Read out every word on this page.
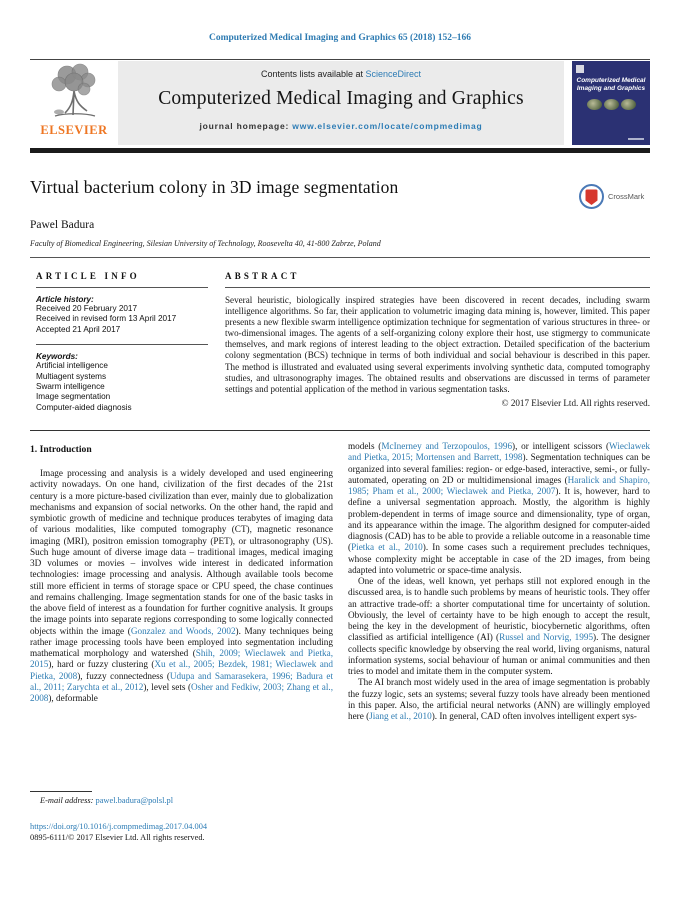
Computerized Medical Imaging and Graphics 65 (2018) 152–166
ELSEVIER
Contents lists available at ScienceDirect
Computerized Medical Imaging and Graphics
journal homepage: www.elsevier.com/locate/compmedimag
Computerized Medical Imaging and Graphics
Virtual bacterium colony in 3D image segmentation	CrossMark
Pawel Badura
Faculty of Biomedical Engineering, Silesian University of Technology, Roosevelta 40, 41-800 Zabrze, Poland
ARTICLE INFO
Article history:
Received 20 February 2017
Received in revised form 13 April 2017
Accepted 21 April 2017
Keywords:
Artificial intelligence
Multiagent systems
Swarm intelligence
Image segmentation
Computer-aided diagnosis
ABSTRACT
Several heuristic, biologically inspired strategies have been discovered in recent decades, including swarm intelligence algorithms. So far, their application to volumetric imaging data mining is, however, limited. This paper presents a new flexible swarm intelligence optimization technique for segmentation of various structures in three- or two-dimensional images. The agents of a self-organizing colony explore their host, use stigmergy to communicate themselves, and mark regions of interest leading to the object extraction. Detailed specification of the bacterium colony segmentation (BCS) technique in terms of both individual and social behaviour is described in this paper. The method is illustrated and evaluated using several experiments involving synthetic data, computed tomography studies, and ultrasonography images. The obtained results and observations are discussed in terms of parameter settings and potential application of the method in various segmentation tasks.
© 2017 Elsevier Ltd. All rights reserved.
1. Introduction

Image processing and analysis is a widely developed and used engineering activity nowadays. On one hand, civilization of the first decades of the 21st century is a more picture-based civilization than ever, mainly due to globalization mechanisms and expansion of social networks. On the other hand, the rapid and symbiotic growth of medicine and technique produces terabytes of imaging data of various modalities, like computed tomography (CT), magnetic resonance imaging (MRI), positron emission tomography (PET), or ultrasonography (US). Such huge amount of diverse image data – traditional images, medical imaging 3D volumes or movies – involves wide interest in dedicated information technologies: image processing and analysis. Although available tools become still more efficient in terms of storage space or CPU speed, the chase continues and remains challenging. Image segmentation stands for one of the basic tasks in the above field of interest as a foundation for further cognitive analysis. It groups the image points into separate regions corresponding to some logically connected objects within the image (Gonzalez and Woods, 2002). Many techniques being rather image processing tools have been employed into segmentation including mathematical morphology and watershed (Shih, 2009; Wieclawek and Pietka, 2015), hard or fuzzy clustering (Xu et al., 2005; Bezdek, 1981; Wieclawek and Pietka, 2008), fuzzy connectedness (Udupa and Samarasekera, 1996; Badura et al., 2011; Zarychta et al., 2012), level sets (Osher and Fedkiw, 2003; Zhang et al., 2008), deformable

models (McInerney and Terzopoulos, 1996), or intelligent scissors (Wieclawek and Pietka, 2015; Mortensen and Barrett, 1998). Segmentation techniques can be organized into several families: region- or edge-based, interactive, semi-, or fully-automated, operating on 2D or multidimensional images (Haralick and Shapiro, 1985; Pham et al., 2000; Wieclawek and Pietka, 2007). It is, however, hard to define a universal segmentation approach. Mostly, the algorithm is highly problem-dependent in terms of image source and dimensionality, type of organ, and its appearance within the image. The algorithm designed for computer-aided diagnosis (CAD) has to be able to provide a reliable outcome in a reasonable time (Pietka et al., 2010). In some cases such a requirement precludes techniques, whose complexity might be acceptable in case of the 2D images, from being adapted into volumetric or space-time analysis.

One of the ideas, well known, yet perhaps still not explored enough in the discussed area, is to handle such problems by means of heuristic tools. They offer an attractive trade-off: a shorter computational time for uncertainty of solution. Obviously, the level of certainty have to be high enough to accept the result, being the key in the development of heuristic, biocybernetic algorithms, often classified as artificial intelligence (AI) (Russel and Norvig, 1995). The designer collects specific knowledge by observing the real world, living organisms, natural information systems, social behaviour of human or animal communities and then tries to model and imitate them in the computer system.

The AI branch most widely used in the area of image segmentation is probably the fuzzy logic, sets an systems; several fuzzy tools have already been mentioned in this paper. Also, the artificial neural networks (ANN) are willingly employed here (Jiang et al., 2010). In general, CAD often involves intelligent expert sys-

E-mail address: pawel.badura@polsl.pl
https://doi.org/10.1016/j.compmedimag.2017.04.004
0895-6111/© 2017 Elsevier Ltd. All rights reserved.
